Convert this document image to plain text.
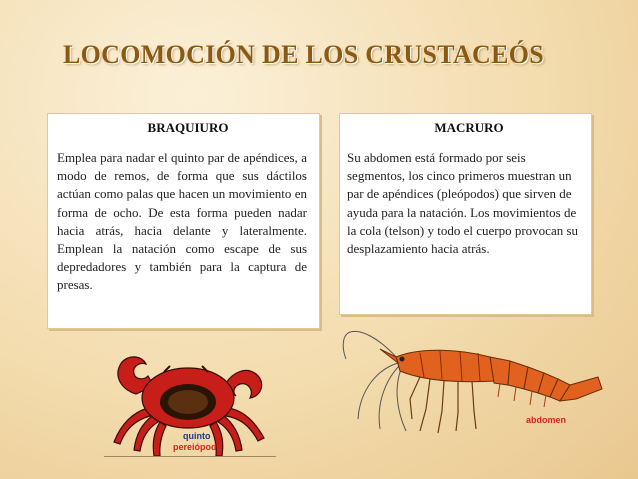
LOCOMOCIÓN DE LOS CRUSTACEÓS
BRAQUIURO

Emplea para nadar el quinto par de apéndices, a modo de remos, de forma que sus dáctilos actúan como palas que hacen un movimiento en forma de ocho. De esta forma pueden nadar hacia atrás, hacia delante y lateralmente. Emplean la natación como escape de sus depredadores y también para la captura de presas.

MACRURO

Su abdomen está formado por seis segmentos, los cinco primeros muestran un par de apéndices (pleópodos) que sirven de ayuda para la natación. Los movimientos de la cola (telson) y todo el cuerpo provocan su desplazamiento hacia atrás.

quinto
pereiópodo
abdomen
